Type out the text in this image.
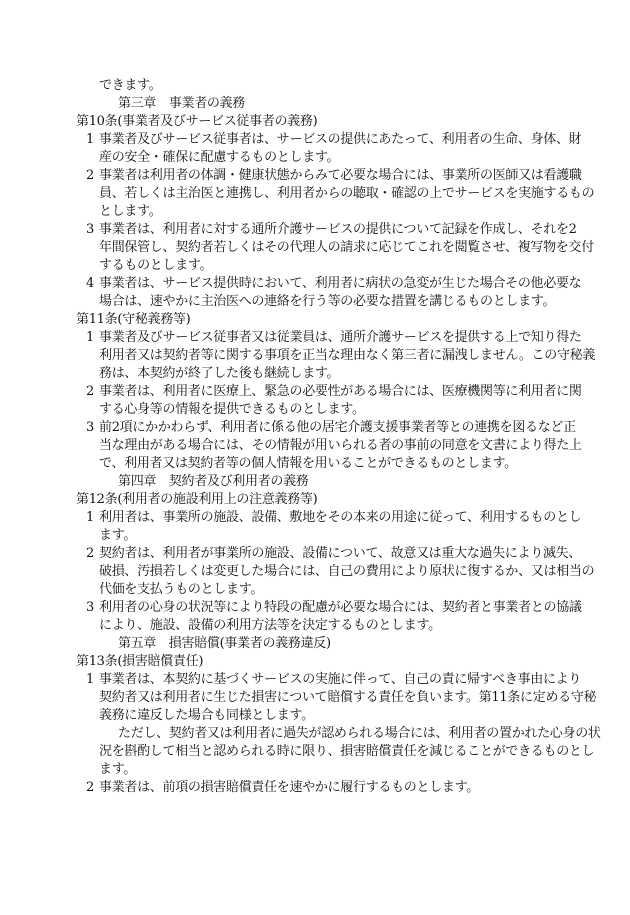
できます。
第三章　事業者の義務
第10条(事業者及びサービス従事者の義務)
1 事業者及びサービス従事者は、サービスの提供にあたって、利用者の生命、身体、財
産の安全・確保に配慮するものとします。
2 事業者は利用者の体調・健康状態からみて必要な場合には、事業所の医師又は看護職
員、若しくは主治医と連携し、利用者からの聴取・確認の上でサービスを実施するもの
とします。
3 事業者は、利用者に対する通所介護サービスの提供について記録を作成し、それを2
年間保管し、契約者若しくはその代理人の請求に応じてこれを閲覧させ、複写物を交付
するものとします。
4 事業者は、サービス提供時において、利用者に病状の急変が生じた場合その他必要な
場合は、速やかに主治医への連絡を行う等の必要な措置を講じるものとします。
第11条(守秘義務等)
1 事業者及びサービス従事者又は従業員は、通所介護サービスを提供する上で知り得た
利用者又は契約者等に関する事項を正当な理由なく第三者に漏洩しません。この守秘義
務は、本契約が終了した後も継続します。
2 事業者は、利用者に医療上、緊急の必要性がある場合には、医療機関等に利用者に関
する心身等の情報を提供できるものとします。
3 前2項にかかわらず、利用者に係る他の居宅介護支援事業者等との連携を図るなど正
当な理由がある場合には、その情報が用いられる者の事前の同意を文書により得た上
で、利用者又は契約者等の個人情報を用いることができるものとします。
第四章　契約者及び利用者の義務
第12条(利用者の施設利用上の注意義務等)
1 利用者は、事業所の施設、設備、敷地をその本来の用途に従って、利用するものとし
ます。
2 契約者は、利用者が事業所の施設、設備について、故意又は重大な過失により滅失、
破損、汚損若しくは変更した場合には、自己の費用により原状に復するか、又は相当の
代価を支払うものとします。
3 利用者の心身の状況等により特段の配慮が必要な場合には、契約者と事業者との協議
により、施設、設備の利用方法等を決定するものとします。
第五章　損害賠償(事業者の義務違反)
第13条(損害賠償責任)
1 事業者は、本契約に基づくサービスの実施に伴って、自己の責に帰すべき事由により
契約者又は利用者に生じた損害について賠償する責任を負います。第11条に定める守秘
義務に違反した場合も同様とします。
ただし、契約者又は利用者に過失が認められる場合には、利用者の置かれた心身の状
況を斟酌して相当と認められる時に限り、損害賠償責任を減じることができるものとし
ます。
2 事業者は、前項の損害賠償責任を速やかに履行するものとします。
